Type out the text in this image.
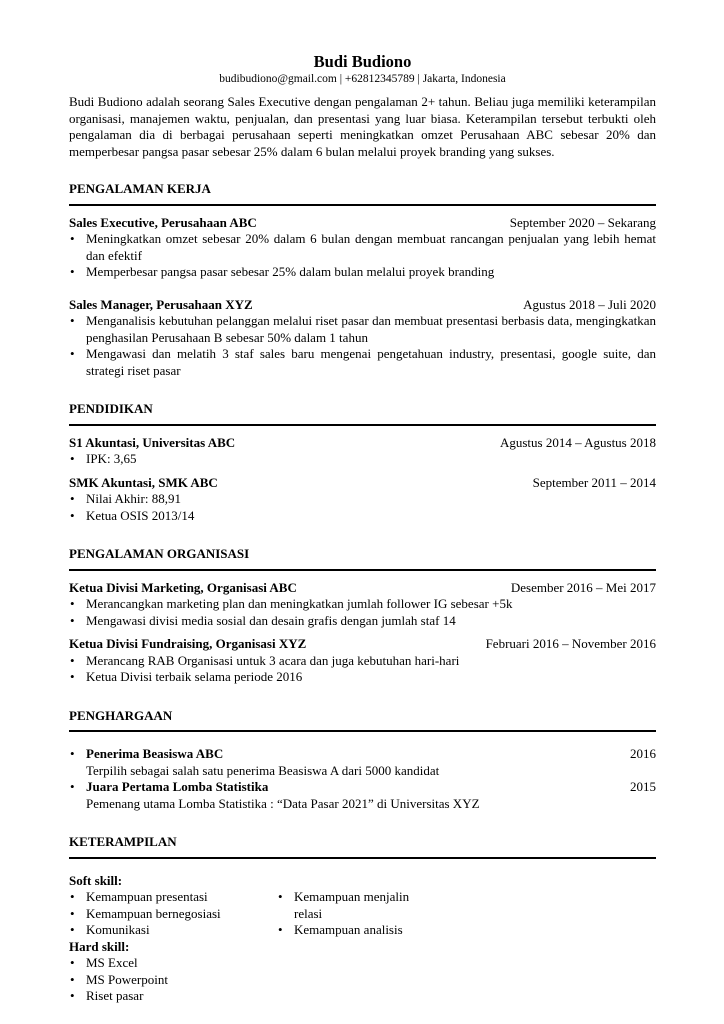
Budi Budiono

budibudiono@gmail.com | +62812345789 | Jakarta, Indonesia

Budi Budiono adalah seorang Sales Executive dengan pengalaman 2+ tahun. Beliau juga memiliki keterampilan organisasi, manajemen waktu, penjualan, dan presentasi yang luar biasa. Keterampilan tersebut terbukti oleh pengalaman dia di berbagai perusahaan seperti meningkatkan omzet Perusahaan ABC sebesar 20% dan memperbesar pangsa pasar sebesar 25% dalam 6 bulan melalui proyek branding yang sukses.

PENGALAMAN KERJA

Sales Executive, Perusahaan ABC	September 2020 – Sekarang
• Meningkatkan omzet sebesar 20% dalam 6 bulan dengan membuat rancangan penjualan yang lebih hemat dan efektif
• Memperbesar pangsa pasar sebesar 25% dalam bulan melalui proyek branding
Sales Manager, Perusahaan XYZ	Agustus 2018 – Juli 2020
• Menganalisis kebutuhan pelanggan melalui riset pasar dan membuat presentasi berbasis data, mengingkatkan penghasilan Perusahaan B sebesar 50% dalam 1 tahun
• Mengawasi dan melatih 3 staf sales baru mengenai pengetahuan industry, presentasi, google suite, dan strategi riset pasar

PENDIDIKAN

S1 Akuntasi, Universitas ABC	Agustus 2014 – Agustus 2018
• IPK: 3,65
SMK Akuntasi, SMK ABC	September 2011 – 2014
• Nilai Akhir: 88,91
• Ketua OSIS 2013/14

PENGALAMAN ORGANISASI

Ketua Divisi Marketing, Organisasi ABC	Desember 2016 – Mei 2017
• Merancangkan marketing plan dan meningkatkan jumlah follower IG sebesar +5k
• Mengawasi divisi media sosial dan desain grafis dengan jumlah staf 14
Ketua Divisi Fundraising, Organisasi XYZ	Februari 2016 – November 2016
• Merancang RAB Organisasi untuk 3 acara dan juga kebutuhan hari-hari
• Ketua Divisi terbaik selama periode 2016

PENGHARGAAN

• Penerima Beasiswa ABC	2016
Terpilih sebagai salah satu penerima Beasiswa A dari 5000 kandidat
• Juara Pertama Lomba Statistika	2015
Pemenang utama Lomba Statistika : “Data Pasar 2021” di Universitas XYZ

KETERAMPILAN

Soft skill:

• Kemampuan presentasi
• Kemampuan bernegosiasi
• Komunikasi
• Kemampuan menjalin relasi
• Kemampuan analisis

Hard skill:

• MS Excel
• MS Powerpoint
• Riset pasar
